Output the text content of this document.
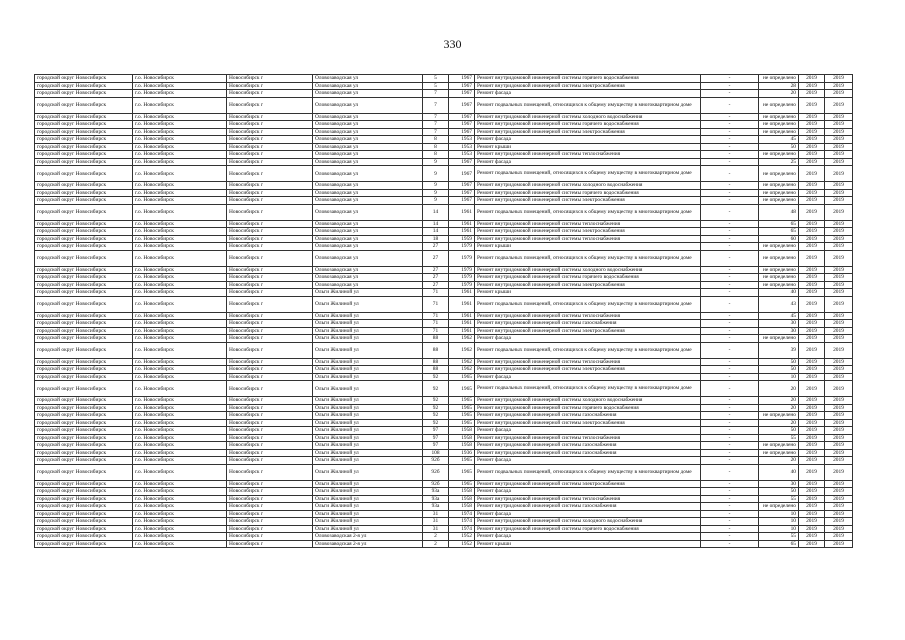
330
городской округ Новосибирск	г.о. Новосибирск	Новосибирск г	Оловозаводская ул	5	1967	Ремонт внутридомовой инженерной системы горячего водоснабжения	-	не определено	2019	2019
городской округ Новосибирск	г.о. Новосибирск	Новосибирск г	Оловозаводская ул	5	1967	Ремонт внутридомовой инженерной системы электроснабжения	-	28	2019	2019
городской округ Новосибирск	г.о. Новосибирск	Новосибирск г	Оловозаводская ул	7	1967	Ремонт фасада	-	20	2019	2019
городской округ Новосибирск	г.о. Новосибирск	Новосибирск г	Оловозаводская ул	7	1967	Ремонт подвальных помещений, относящихся к общему имуществу в многоквартирном доме	-	не определено	2019	2019
городской округ Новосибирск	г.о. Новосибирск	Новосибирск г	Оловозаводская ул	7	1967	Ремонт внутридомовой инженерной системы холодного водоснабжения	-	не определено	2019	2019
городской округ Новосибирск	г.о. Новосибирск	Новосибирск г	Оловозаводская ул	7	1967	Ремонт внутридомовой инженерной системы горячего водоснабжения	-	не определено	2019	2019
городской округ Новосибирск	г.о. Новосибирск	Новосибирск г	Оловозаводская ул	7	1967	Ремонт внутридомовой инженерной системы электроснабжения	-	не определено	2019	2019
городской округ Новосибирск	г.о. Новосибирск	Новосибирск г	Оловозаводская ул	8	1953	Ремонт фасада	-	45	2019	2019
городской округ Новосибирск	г.о. Новосибирск	Новосибирск г	Оловозаводская ул	8	1953	Ремонт крыши	-	50	2019	2019
городской округ Новосибирск	г.о. Новосибирск	Новосибирск г	Оловозаводская ул	8	1953	Ремонт внутридомовой инженерной системы теплоснабжения	-	не определено	2019	2019
городской округ Новосибирск	г.о. Новосибирск	Новосибирск г	Оловозаводская ул	9	1967	Ремонт фасада	-	25	2019	2019
городской округ Новосибирск	г.о. Новосибирск	Новосибирск г	Оловозаводская ул	9	1967	Ремонт подвальных помещений, относящихся к общему имуществу в многоквартирном доме	-	не определено	2019	2019
городской округ Новосибирск	г.о. Новосибирск	Новосибирск г	Оловозаводская ул	9	1967	Ремонт внутридомовой инженерной системы холодного водоснабжения	-	не определено	2019	2019
городской округ Новосибирск	г.о. Новосибирск	Новосибирск г	Оловозаводская ул	9	1967	Ремонт внутридомовой инженерной системы горячего водоснабжения	-	не определено	2019	2019
городской округ Новосибирск	г.о. Новосибирск	Новосибирск г	Оловозаводская ул	9	1967	Ремонт внутридомовой инженерной системы электроснабжения	-	не определено	2019	2019
городской округ Новосибирск	г.о. Новосибирск	Новосибирск г	Оловозаводская ул	14	1961	Ремонт подвальных помещений, относящихся к общему имуществу в многоквартирном доме	-	48	2019	2019
городской округ Новосибирск	г.о. Новосибирск	Новосибирск г	Оловозаводская ул	14	1961	Ремонт внутридомовой инженерной системы теплоснабжения	-	65	2019	2019
городской округ Новосибирск	г.о. Новосибирск	Новосибирск г	Оловозаводская ул	14	1961	Ремонт внутридомовой инженерной системы электроснабжения	-	65	2019	2019
городской округ Новосибирск	г.о. Новосибирск	Новосибирск г	Оловозаводская ул	18	1959	Ремонт внутридомовой инженерной системы теплоснабжения	-	60	2019	2019
городской округ Новосибирск	г.о. Новосибирск	Новосибирск г	Оловозаводская ул	27	1979	Ремонт крыши	-	не определено	2019	2019
городской округ Новосибирск	г.о. Новосибирск	Новосибирск г	Оловозаводская ул	27	1979	Ремонт подвальных помещений, относящихся к общему имуществу в многоквартирном доме	-	не определено	2019	2019
городской округ Новосибирск	г.о. Новосибирск	Новосибирск г	Оловозаводская ул	27	1979	Ремонт внутридомовой инженерной системы холодного водоснабжения	-	не определено	2019	2019
городской округ Новосибирск	г.о. Новосибирск	Новосибирск г	Оловозаводская ул	27	1979	Ремонт внутридомовой инженерной системы горячего водоснабжения	-	не определено	2019	2019
городской округ Новосибирск	г.о. Новосибирск	Новосибирск г	Оловозаводская ул	27	1979	Ремонт внутридомовой инженерной системы электроснабжения	-	не определено	2019	2019
городской округ Новосибирск	г.о. Новосибирск	Новосибирск г	Ольги Жилиной ул	71	1961	Ремонт крыши	-	40	2019	2019
городской округ Новосибирск	г.о. Новосибирск	Новосибирск г	Ольги Жилиной ул	71	1961	Ремонт подвальных помещений, относящихся к общему имуществу в многоквартирном доме	-	43	2019	2019
городской округ Новосибирск	г.о. Новосибирск	Новосибирск г	Ольги Жилиной ул	71	1961	Ремонт внутридомовой инженерной системы теплоснабжения	-	45	2019	2019
городской округ Новосибирск	г.о. Новосибирск	Новосибирск г	Ольги Жилиной ул	71	1961	Ремонт внутридомовой инженерной системы газоснабжения	-	30	2019	2019
городской округ Новосибирск	г.о. Новосибирск	Новосибирск г	Ольги Жилиной ул	71	1961	Ремонт внутридомовой инженерной системы электроснабжения	-	30	2019	2019
городской округ Новосибирск	г.о. Новосибирск	Новосибирск г	Ольги Жилиной ул	88	1962	Ремонт фасада	-	не определено	2019	2019
городской округ Новосибирск	г.о. Новосибирск	Новосибирск г	Ольги Жилиной ул	88	1962	Ремонт подвальных помещений, относящихся к общему имуществу в многоквартирном доме	-	39	2019	2019
городской округ Новосибирск	г.о. Новосибирск	Новосибирск г	Ольги Жилиной ул	88	1962	Ремонт внутридомовой инженерной системы теплоснабжения	-	50	2019	2019
городской округ Новосибирск	г.о. Новосибирск	Новосибирск г	Ольги Жилиной ул	88	1962	Ремонт внутридомовой инженерной системы электроснабжения	-	50	2019	2019
городской округ Новосибирск	г.о. Новосибирск	Новосибирск г	Ольги Жилиной ул	92	1965	Ремонт фасада	-	10	2019	2019
городской округ Новосибирск	г.о. Новосибирск	Новосибирск г	Ольги Жилиной ул	92	1965	Ремонт подвальных помещений, относящихся к общему имуществу в многоквартирном доме	-	20	2019	2019
городской округ Новосибирск	г.о. Новосибирск	Новосибирск г	Ольги Жилиной ул	92	1965	Ремонт внутридомовой инженерной системы холодного водоснабжения	-	20	2019	2019
городской округ Новосибирск	г.о. Новосибирск	Новосибирск г	Ольги Жилиной ул	92	1965	Ремонт внутридомовой инженерной системы горячего водоснабжения	-	20	2019	2019
городской округ Новосибирск	г.о. Новосибирск	Новосибирск г	Ольги Жилиной ул	92	1965	Ремонт внутридомовой инженерной системы газоснабжения	-	не определено	2019	2019
городской округ Новосибирск	г.о. Новосибирск	Новосибирск г	Ольги Жилиной ул	92	1965	Ремонт внутридомовой инженерной системы электроснабжения	-	20	2019	2019
городской округ Новосибирск	г.о. Новосибирск	Новосибирск г	Ольги Жилиной ул	97	1958	Ремонт фасада	-	50	2019	2019
городской округ Новосибирск	г.о. Новосибирск	Новосибирск г	Ольги Жилиной ул	97	1958	Ремонт внутридомовой инженерной системы теплоснабжения	-	55	2019	2019
городской округ Новосибирск	г.о. Новосибирск	Новосибирск г	Ольги Жилиной ул	97	1958	Ремонт внутридомовой инженерной системы газоснабжения	-	не определено	2019	2019
городской округ Новосибирск	г.о. Новосибирск	Новосибирск г	Ольги Жилиной ул	108	1936	Ремонт внутридомовой инженерной системы газоснабжения	-	не определено	2019	2019
городской округ Новосибирск	г.о. Новосибирск	Новосибирск г	Ольги Жилиной ул	92б	1965	Ремонт фасада	-	20	2019	2019
городской округ Новосибирск	г.о. Новосибирск	Новосибирск г	Ольги Жилиной ул	92б	1965	Ремонт подвальных помещений, относящихся к общему имуществу в многоквартирном доме	-	40	2019	2019
городской округ Новосибирск	г.о. Новосибирск	Новосибирск г	Ольги Жилиной ул	92б	1965	Ремонт внутридомовой инженерной системы электроснабжения	-	30	2019	2019
городской округ Новосибирск	г.о. Новосибирск	Новосибирск г	Ольги Жилиной ул	93а	1958	Ремонт фасада	-	50	2019	2019
городской округ Новосибирск	г.о. Новосибирск	Новосибирск г	Ольги Жилиной ул	93а	1958	Ремонт внутридомовой инженерной системы теплоснабжения	-	55	2019	2019
городской округ Новосибирск	г.о. Новосибирск	Новосибирск г	Ольги Жилиной ул	93а	1958	Ремонт внутридомовой инженерной системы газоснабжения	-	не определено	2019	2019
городской округ Новосибирск	г.о. Новосибирск	Новосибирск г	Ольги Жилиной ул	31	1974	Ремонт фасада	-	10	2019	2019
городской округ Новосибирск	г.о. Новосибирск	Новосибирск г	Ольги Жилиной ул	31	1974	Ремонт внутридомовой инженерной системы холодного водоснабжения	-	10	2019	2019
городской округ Новосибирск	г.о. Новосибирск	Новосибирск г	Ольги Жилиной ул	31	1974	Ремонт внутридомовой инженерной системы горячего водоснабжения	-	10	2019	2019
городской округ Новосибирск	г.о. Новосибирск	Новосибирск г	Оловозаводская 2-я ул	2	1952	Ремонт фасада	-	55	2019	2019
городской округ Новосибирск	г.о. Новосибирск	Новосибирск г	Оловозаводская 2-я ул	2	1952	Ремонт крыши	-	65	2019	2019
